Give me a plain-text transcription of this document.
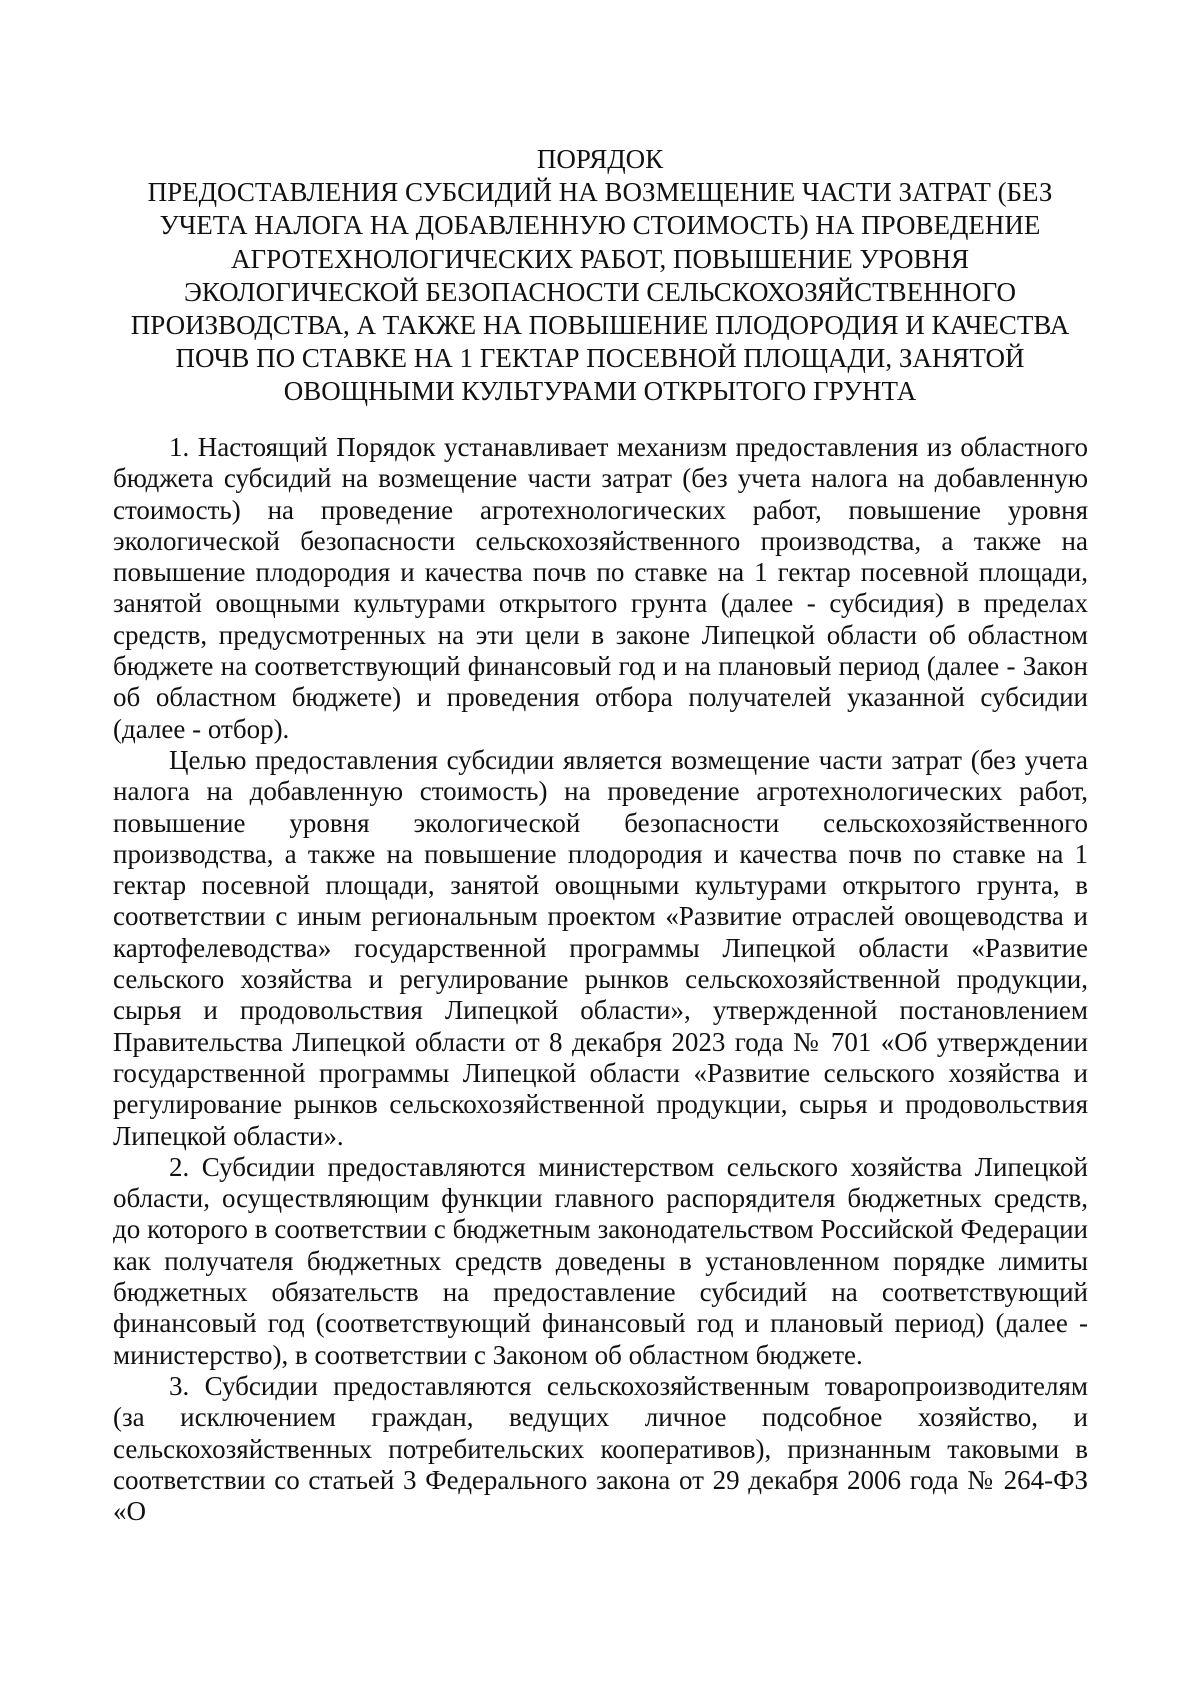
ПОРЯДОК
ПРЕДОСТАВЛЕНИЯ СУБСИДИЙ НА ВОЗМЕЩЕНИЕ ЧАСТИ ЗАТРАТ (БЕЗ
УЧЕТА НАЛОГА НА ДОБАВЛЕННУЮ СТОИМОСТЬ) НА ПРОВЕДЕНИЕ
АГРОТЕХНОЛОГИЧЕСКИХ РАБОТ, ПОВЫШЕНИЕ УРОВНЯ
ЭКОЛОГИЧЕСКОЙ БЕЗОПАСНОСТИ СЕЛЬСКОХОЗЯЙСТВЕННОГО
ПРОИЗВОДСТВА, А ТАКЖЕ НА ПОВЫШЕНИЕ ПЛОДОРОДИЯ И КАЧЕСТВА
ПОЧВ ПО СТАВКЕ НА 1 ГЕКТАР ПОСЕВНОЙ ПЛОЩАДИ, ЗАНЯТОЙ
ОВОЩНЫМИ КУЛЬТУРАМИ ОТКРЫТОГО ГРУНТА

1. Настоящий Порядок устанавливает механизм предоставления из областного бюджета субсидий на возмещение части затрат (без учета налога на добавленную стоимость) на проведение агротехнологических работ, повышение уровня экологической безопасности сельскохозяйственного производства, а также на повышение плодородия и качества почв по ставке на 1 гектар посевной площади, занятой овощными культурами открытого грунта (далее - субсидия) в пределах средств, предусмотренных на эти цели в законе Липецкой области об областном бюджете на соответствующий финансовый год и на плановый период (далее - Закон об областном бюджете) и проведения отбора получателей указанной субсидии (далее - отбор).

Целью предоставления субсидии является возмещение части затрат (без учета налога на добавленную стоимость) на проведение агротехнологических работ, повышение уровня экологической безопасности сельскохозяйственного производства, а также на повышение плодородия и качества почв по ставке на 1 гектар посевной площади, занятой овощными культурами открытого грунта, в соответствии с иным региональным проектом «Развитие отраслей овощеводства и картофелеводства» государственной программы Липецкой области «Развитие сельского хозяйства и регулирование рынков сельскохозяйственной продукции, сырья и продовольствия Липецкой области», утвержденной постановлением Правительства Липецкой области от 8 декабря 2023 года № 701 «Об утверждении государственной программы Липецкой области «Развитие сельского хозяйства и регулирование рынков сельскохозяйственной продукции, сырья и продовольствия Липецкой области».

2. Субсидии предоставляются министерством сельского хозяйства Липецкой области, осуществляющим функции главного распорядителя бюджетных средств, до которого в соответствии с бюджетным законодательством Российской Федерации как получателя бюджетных средств доведены в установленном порядке лимиты бюджетных обязательств на предоставление субсидий на соответствующий финансовый год (соответствующий финансовый год и плановый период) (далее - министерство), в соответствии с Законом об областном бюджете.

3. Субсидии предоставляются сельскохозяйственным товаропроизводителям (за исключением граждан, ведущих личное подсобное хозяйство, и сельскохозяйственных потребительских кооперативов), признанным таковыми в соответствии со статьей 3 Федерального закона от 29 декабря 2006 года № 264-ФЗ «О
